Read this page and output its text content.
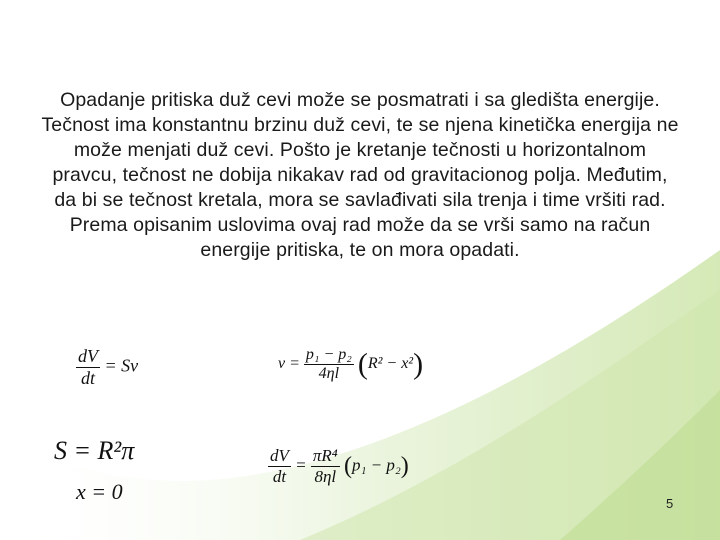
Opadanje pritiska duž cevi može se posmatrati i sa gledišta energije. Tečnost ima konstantnu brzinu duž cevi, te se njena kinetička energija ne može menjati duž cevi. Pošto je kretanje tečnosti u horizontalnom pravcu, tečnost ne dobija nikakav rad od gravitacionog polja. Međutim, da bi se tečnost kretala, mora se savlađivati sila trenja i time vršiti rad. Prema opisanim uslovima ovaj rad može da se vrši samo na račun energije pritiska, te on mora opadati.
$\frac{dV}{dt} = Sv$	$v = \frac{\text{p₁ − p₂}}{4\eta l} (R^2 - x^2)$
S = R²π
x = 0
$\frac{dV}{dt} = \frac{\text{πR⁴}}{8\eta l} (p_1 - p_2)$
5
